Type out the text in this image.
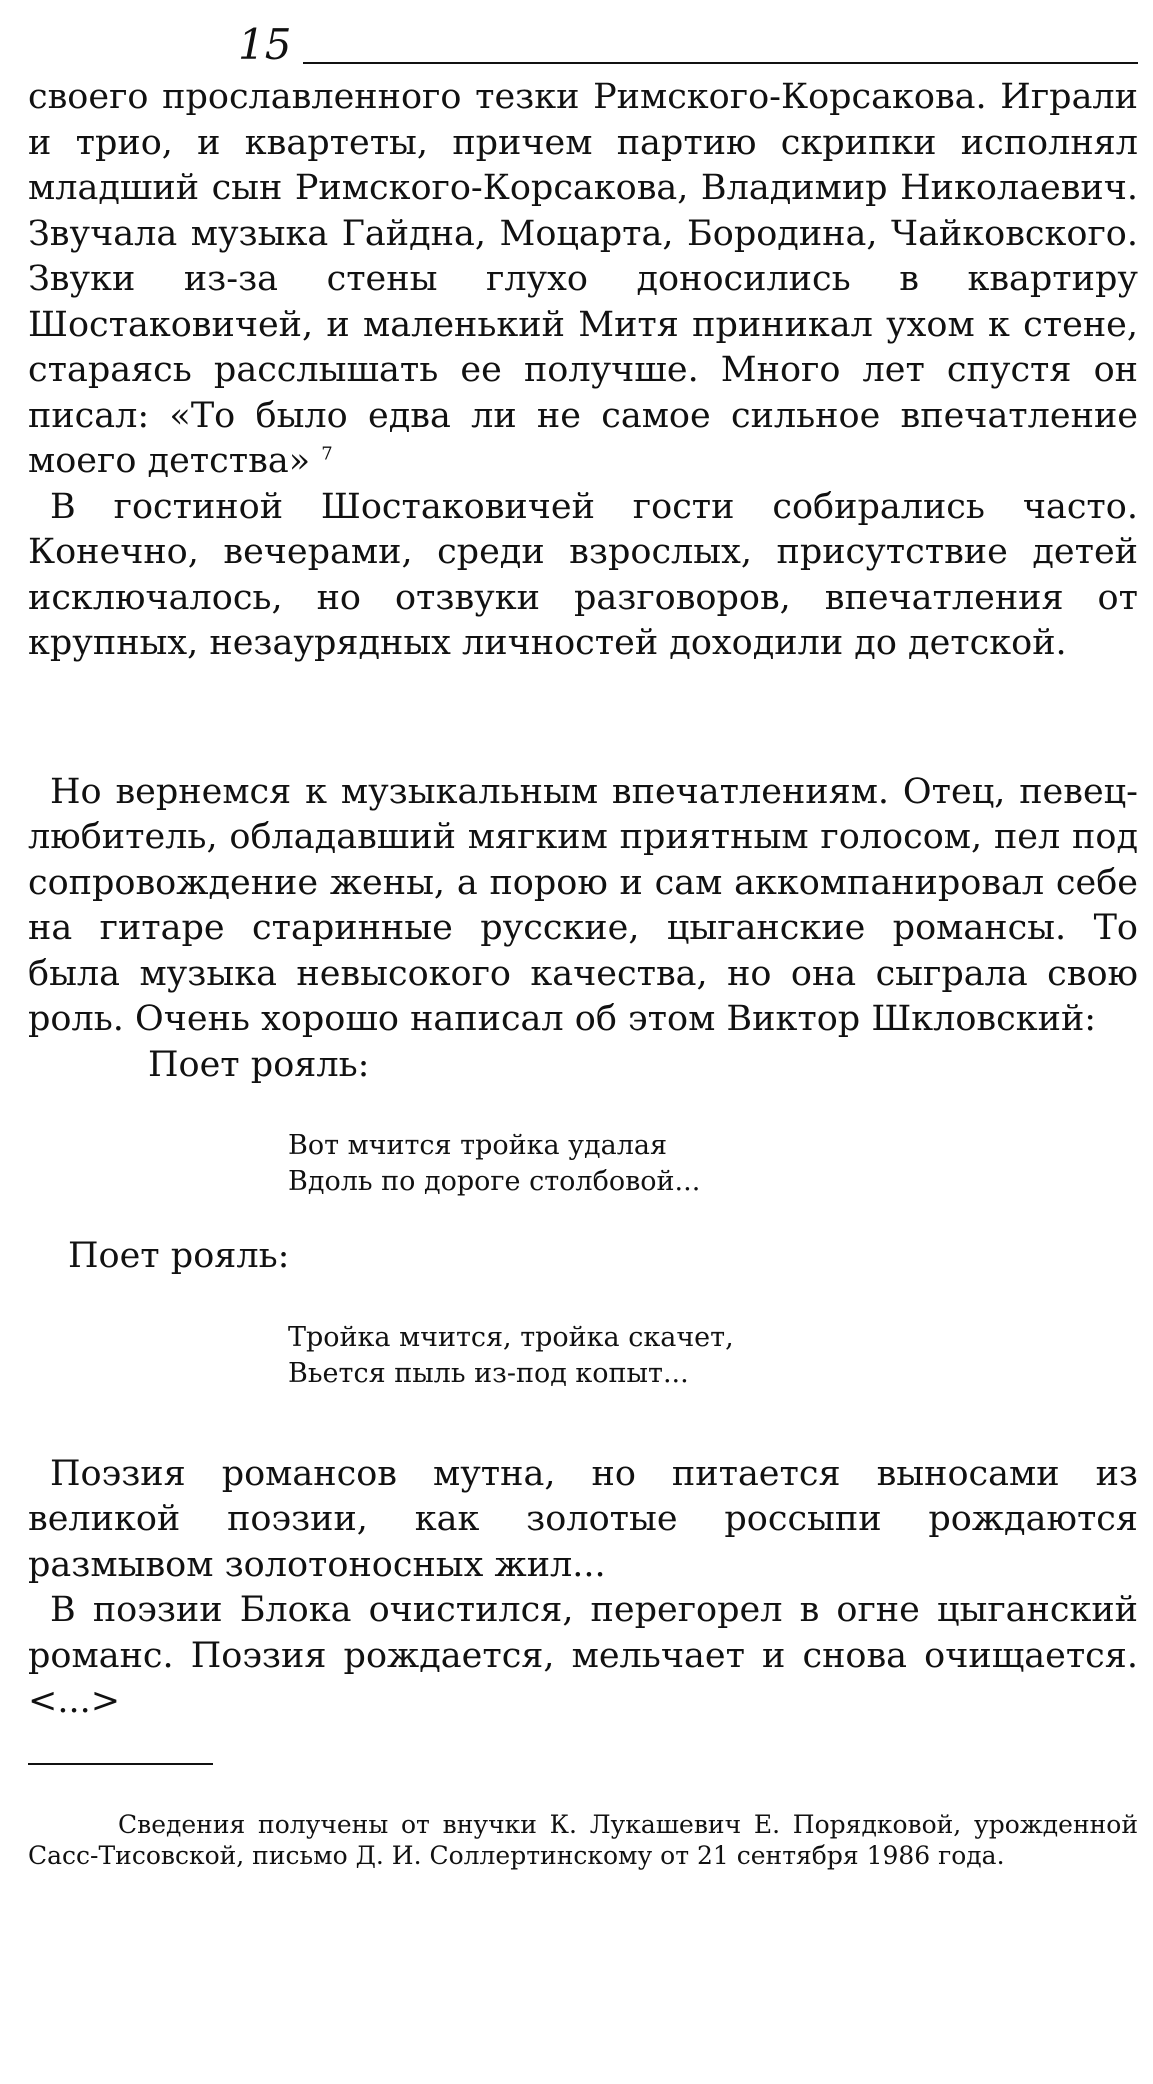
15

своего прославленного тезки Римского-Корсакова. Играли и трио, и квартеты, причем партию скрипки исполнял младший сын Римского-Корсакова, Владимир Николаевич. Звучала музыка Гайдна, Моцарта, Бородина, Чайковского. Звуки из-за стены глухо доносились в квартиру Шостаковичей, и маленький Митя приникал ухом к стене, стараясь расслышать ее получше. Много лет спустя он писал: «То было едва ли не самое сильное впечатление моего детства» $^7$

В гостиной Шостаковичей гости собирались часто. Конечно, вечерами, среди взрослых, присутствие детей исключалось, но отзвуки разговоров, впечатления от крупных, незаурядных личностей доходили до детской.

Но вернемся к музыкальным впечатлениям. Отец, певец-любитель, обладавший мягким приятным голосом, пел под сопровождение жены, а порою и сам аккомпанировал себе на гитаре старинные русские, цыганские романсы. То была музыка невысокого качества, но она сыграла свою роль. Очень хорошо написал об этом Виктор Шкловский:

Поет рояль:

Вот мчится тройка удалая
Вдоль по дороге столбовой...

Поет рояль:

Тройка мчится, тройка скачет,
Вьется пыль из-под копыт...

Поэзия романсов мутна, но питается выносами из великой поэзии, как золотые россыпи рождаются размывом золотоносных жил...

В поэзии Блока очистился, перегорел в огне цыганский романс. Поэзия рождается, мельчает и снова очищается.<...>

Сведения получены от внучки К. Лукашевич Е. Порядковой, урожденной Сасс-Тисовской, письмо Д. И. Соллертинскому от 21 сентября 1986 года.
